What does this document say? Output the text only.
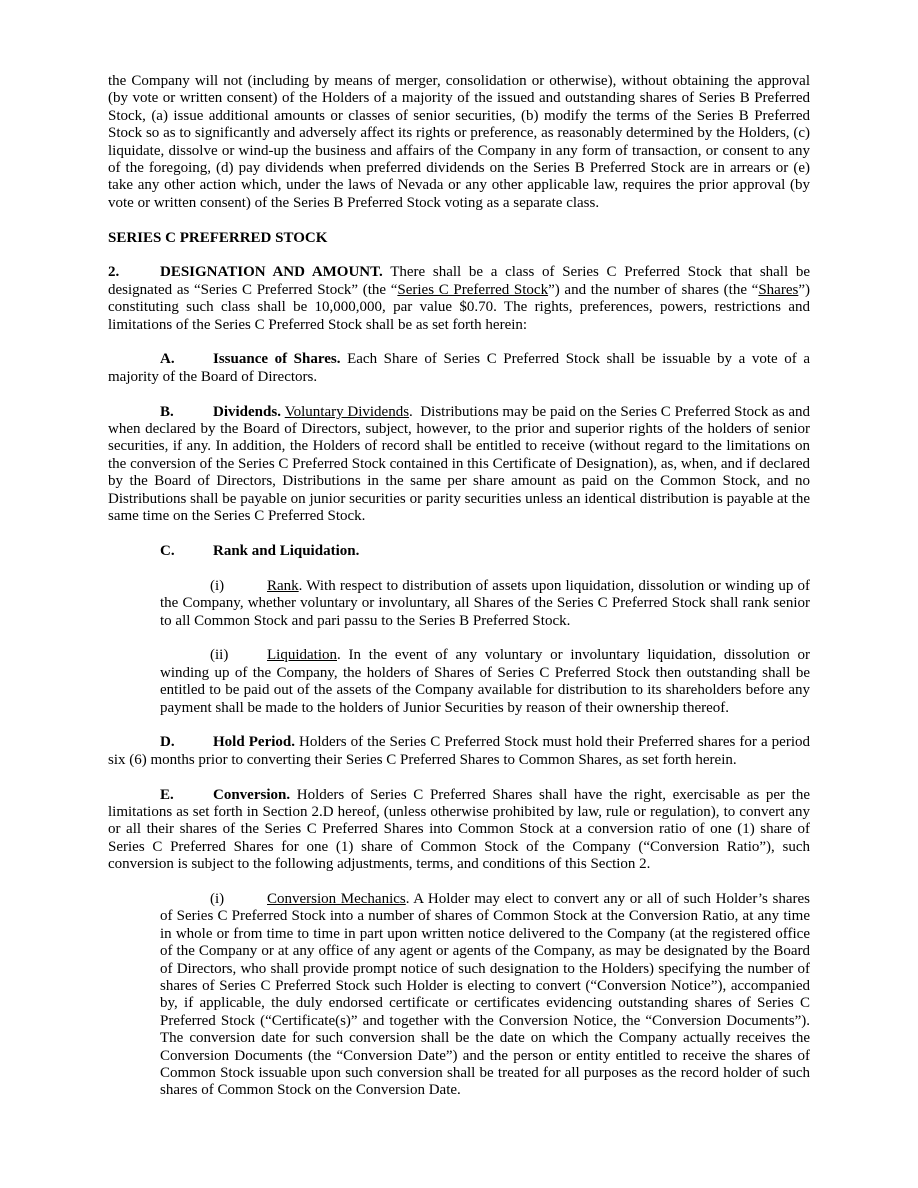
the Company will not (including by means of merger, consolidation or otherwise), without obtaining the approval (by vote or written consent) of the Holders of a majority of the issued and outstanding shares of Series B Preferred Stock, (a) issue additional amounts or classes of senior securities, (b) modify the terms of the Series B Preferred Stock so as to significantly and adversely affect its rights or preference, as reasonably determined by the Holders, (c) liquidate, dissolve or wind-up the business and affairs of the Company in any form of transaction, or consent to any of the foregoing, (d) pay dividends when preferred dividends on the Series B Preferred Stock are in arrears or (e) take any other action which, under the laws of Nevada or any other applicable law, requires the prior approval (by vote or written consent) of the Series B Preferred Stock voting as a separate class.

SERIES C PREFERRED STOCK

2.	DESIGNATION AND AMOUNT. There shall be a class of Series C Preferred Stock that shall be designated as “Series C Preferred Stock” (the “Series C Preferred Stock”) and the number of shares (the “Shares”) constituting such class shall be 10,000,000, par value $0.70. The rights, preferences, powers, restrictions and limitations of the Series C Preferred Stock shall be as set forth herein:

A.	Issuance of Shares. Each Share of Series C Preferred Stock shall be issuable by a vote of a majority of the Board of Directors.

B.	Dividends. Voluntary Dividends.  Distributions may be paid on the Series C Preferred Stock as and when declared by the Board of Directors, subject, however, to the prior and superior rights of the holders of senior securities, if any. In addition, the Holders of record shall be entitled to receive (without regard to the limitations on the conversion of the Series C Preferred Stock contained in this Certificate of Designation), as, when, and if declared by the Board of Directors, Distributions in the same per share amount as paid on the Common Stock, and no Distributions shall be payable on junior securities or parity securities unless an identical distribution is payable at the same time on the Series C Preferred Stock.

C.	Rank and Liquidation.

(i)	Rank. With respect to distribution of assets upon liquidation, dissolution or winding up of the Company, whether voluntary or involuntary, all Shares of the Series C Preferred Stock shall rank senior to all Common Stock and pari passu to the Series B Preferred Stock.

(ii)	Liquidation. In the event of any voluntary or involuntary liquidation, dissolution or winding up of the Company, the holders of Shares of Series C Preferred Stock then outstanding shall be entitled to be paid out of the assets of the Company available for distribution to its shareholders before any payment shall be made to the holders of Junior Securities by reason of their ownership thereof.

D.	Hold Period. Holders of the Series C Preferred Stock must hold their Preferred shares for a period six (6) months prior to converting their Series C Preferred Shares to Common Shares, as set forth herein.

E.	Conversion. Holders of Series C Preferred Shares shall have the right, exercisable as per the limitations as set forth in Section 2.D hereof, (unless otherwise prohibited by law, rule or regulation), to convert any or all their shares of the Series C Preferred Shares into Common Stock at a conversion ratio of one (1) share of Series C Preferred Shares for one (1) share of Common Stock of the Company (“Conversion Ratio”), such conversion is subject to the following adjustments, terms, and conditions of this Section 2.

(i)	Conversion Mechanics. A Holder may elect to convert any or all of such Holder’s shares of Series C Preferred Stock into a number of shares of Common Stock at the Conversion Ratio, at any time in whole or from time to time in part upon written notice delivered to the Company (at the registered office of the Company or at any office of any agent or agents of the Company, as may be designated by the Board of Directors, who shall provide prompt notice of such designation to the Holders) specifying the number of shares of Series C Preferred Stock such Holder is electing to convert (“Conversion Notice”), accompanied by, if applicable, the duly endorsed certificate or certificates evidencing outstanding shares of Series C Preferred Stock (“Certificate(s)” and together with the Conversion Notice, the “Conversion Documents”). The conversion date for such conversion shall be the date on which the Company actually receives the Conversion Documents (the “Conversion Date”) and the person or entity entitled to receive the shares of Common Stock issuable upon such conversion shall be treated for all purposes as the record holder of such shares of Common Stock on the Conversion Date.
